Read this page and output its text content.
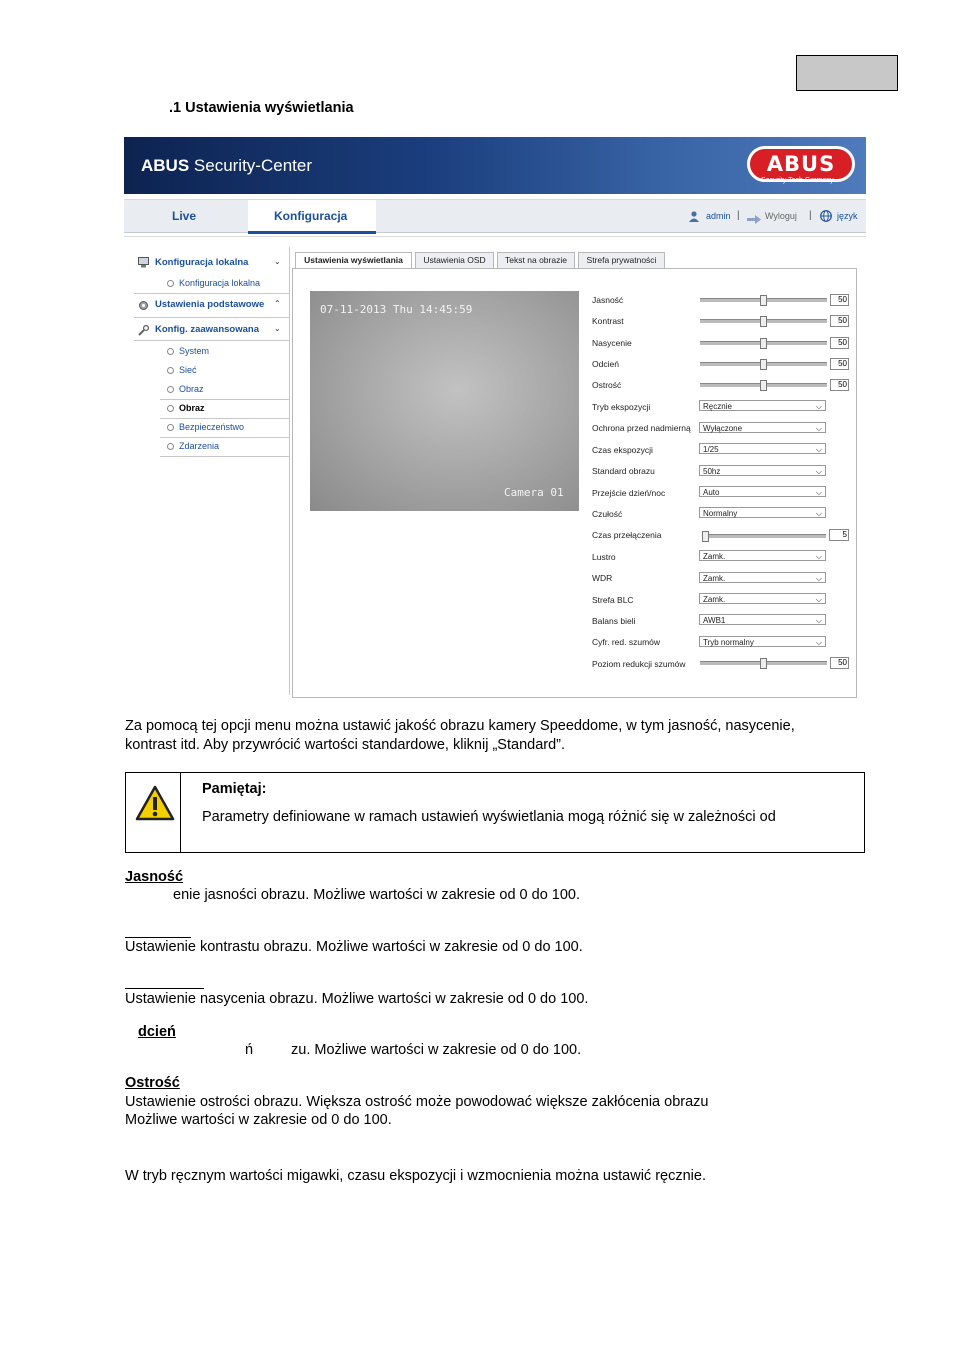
.1 Ustawienia wyświetlania
ABUS Security-Center	ABUS
Security Tech Germany
Live	Konfiguracja	admin |	Wyloguj |	język
Konfiguracja lokalna	⌄
Konfiguracja lokalna
Ustawienia podstawowe ⌃
Konfig. zaawansowana ⌄
System
Sieć
Obraz
Obraz
Bezpieczeństwo
Zdarzenia
Ustawienia wyświetlania	Ustawienia OSD	Tekst na obrazie	Strefa prywatności
07-11-2013 Thu 14:45:59
Camera 01
Jasność	50
Kontrast	50
Nasycenie	50
Odcień	50
Ostrość	50
Tryb ekspozycji	Ręcznie	⌵
Ochrona przed nadmierną	Wyłączone	⌵
Czas ekspozycji	1/25	⌵
Standard obrazu	50hz	⌵
Przejście dzień/noc	Auto	⌵
Czułość	Normalny	⌵
Czas przełączenia	5
Lustro	Zamk.	⌵
WDR	Zamk.	⌵
Strefa BLC	Zamk.	⌵
Balans bieli	AWB1	⌵
Cyfr. red. szumów	Tryb normalny	⌵
Poziom redukcji szumów	50
Za pomocą tej opcji menu można ustawić jakość obrazu kamery Speeddome, w tym jasność, nasycenie,
kontrast itd. Aby przywrócić wartości standardowe, kliknij „Standard”.
Pamiętaj:
Parametry definiowane w ramach ustawień wyświetlania mogą różnić się w zależności od
Jasność
enie jasności obrazu. Możliwe wartości w zakresie od 0 do 100.
Ustawienie kontrastu obrazu. Możliwe wartości w zakresie od 0 do 100.
Ustawienie nasycenia obrazu. Możliwe wartości w zakresie od 0 do 100.
dcień
ń	zu. Możliwe wartości w zakresie od 0 do 100.
Ostrość
Ustawienie ostrości obrazu. Większa ostrość może powodować większe zakłócenia obrazu
Możliwe wartości w zakresie od 0 do 100.
W tryb ręcznym wartości migawki, czasu ekspozycji i wzmocnienia można ustawić ręcznie.
